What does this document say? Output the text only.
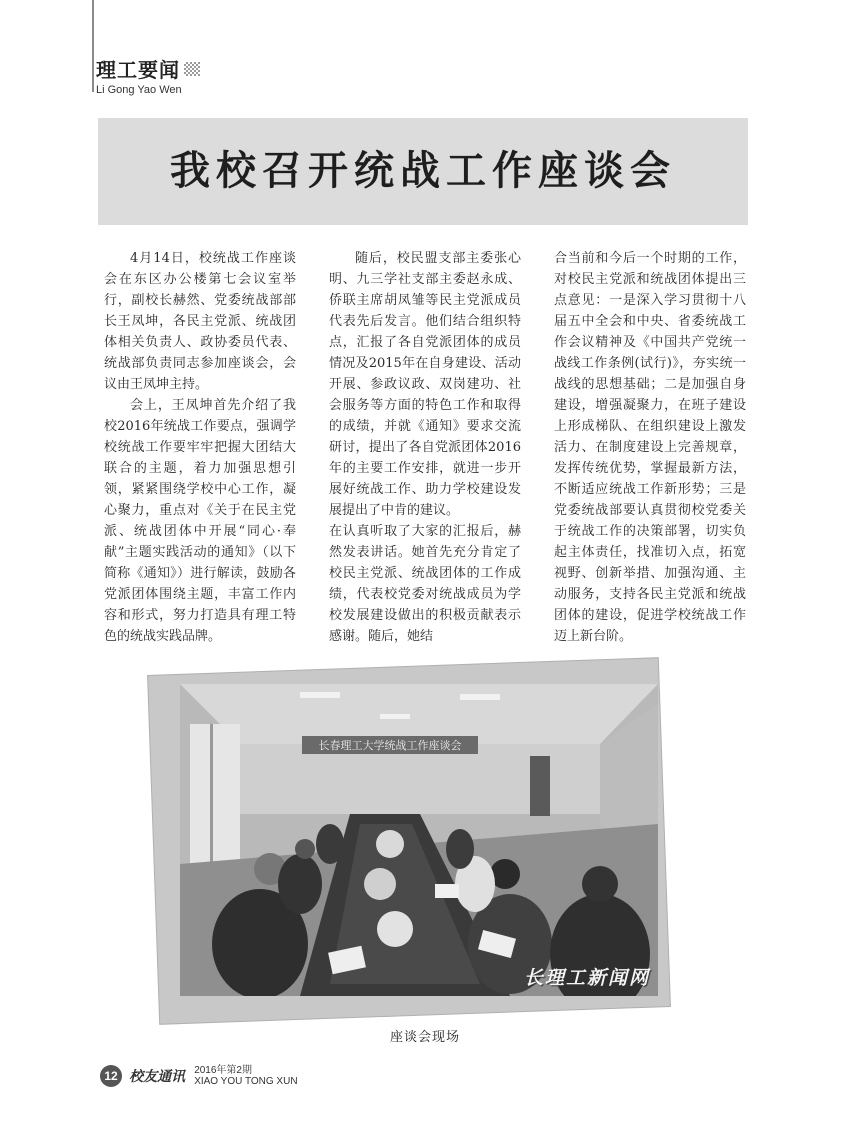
理工要闻
Li Gong Yao Wen
我校召开统战工作座谈会

4月14日，校统战工作座谈会在东区办公楼第七会议室举行，副校长赫然、党委统战部部长王凤坤，各民主党派、统战团体相关负责人、政协委员代表、统战部负责同志参加座谈会，会议由王凤坤主持。

会上，王凤坤首先介绍了我校2016年统战工作要点，强调学校统战工作要牢牢把握大团结大联合的主题，着力加强思想引领，紧紧围绕学校中心工作，凝心聚力，重点对《关于在民主党派、统战团体中开展“同心·奉献”主题实践活动的通知》（以下简称《通知》）进行解读，鼓励各党派团体围绕主题，丰富工作内容和形式，努力打造具有理工特色的统战实践品牌。

随后，校民盟支部主委张心明、九三学社支部主委赵永成、侨联主席胡凤雏等民主党派成员代表先后发言。他们结合组织特点，汇报了各自党派团体的成员情况及2015年在自身建设、活动开展、参政议政、双岗建功、社会服务等方面的特色工作和取得的成绩，并就《通知》要求交流研讨，提出了各自党派团体2016年的主要工作安排，就进一步开展好统战工作、助力学校建设发展提出了中肯的建议。

在认真听取了大家的汇报后，赫然发表讲话。她首先充分肯定了校民主党派、统战团体的工作成绩，代表校党委对统战成员为学校发展建设做出的积极贡献表示感谢。随后，她结

合当前和今后一个时期的工作，对校民主党派和统战团体提出三点意见：一是深入学习贯彻十八届五中全会和中央、省委统战工作会议精神及《中国共产党统一战线工作条例(试行)》，夯实统一战线的思想基础；二是加强自身建设，增强凝聚力，在班子建设上形成梯队、在组织建设上激发活力、在制度建设上完善规章，发挥传统优势，掌握最新方法，不断适应统战工作新形势；三是党委统战部要认真贯彻校党委关于统战工作的决策部署，切实负起主体责任，找准切入点，拓宽视野、创新举措、加强沟通、主动服务，支持各民主党派和统战团体的建设，促进学校统战工作迈上新台阶。

长春理工大学统战工作座谈会
长理工新闻网
座谈会现场
12 校友通讯 2016年第2期
XIAO YOU TONG XUN
